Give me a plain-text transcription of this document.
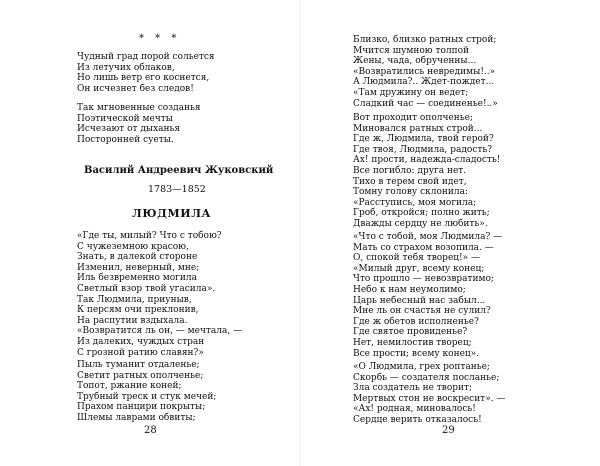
* * *
Чудный град порой сольется
Из летучих облаков,
Но лишь ветр его коснется,
Он исчезнет без следов!
Так мгновенные созданья
Поэтической мечты
Исчезают от дыханья
Посторонней суеты.
Василий Андреевич Жуковский
1783—1852
ЛЮДМИЛА
«Где ты, милый? Что с тобою?
С чужеземною красою,
Знать, в далекой стороне
Изменил, неверный, мне;
Иль безвременно могила
Светлый взор твой угасила».
Так Людмила, приуныв,
К персям очи преклонив,
На распутии вздыхала.
«Возвратится ль он, — мечтала, —
Из далеких, чуждых стран
С грозной ратию славян?»
Пыль туманит отдаленье;
Светит ратных ополченье;
Топот, ржание коней;
Трубный треск и стук мечей;
Прахом панцири покрыты;
Шлемы лаврами обвиты;
28
Близко, близко ратных строй;
Мчится шумною толпой
Жены, чада, обрученны...
«Возвратились невредимы!..»
А Людмила?.. Ждет-пождет...
«Там дружину он ведет;
Сладкий час — соединенье!..»
Вот проходит ополченье;
Миновался ратных строй...
Где ж, Людмила, твой герой?
Где твоя, Людмила, радость?
Ах! прости, надежда-сладость!
Все погибло: друга нет.
Тихо в терем свой идет,
Томну голову склонила:
«Расступись, моя могила;
Гроб, откройся; полно жить;
Дважды сердцу не любить».
«Что с тобой, моя Людмила? —
Мать со страхом возопила. —
О, спокой тебя творец!» —
«Милый друг, всему конец;
Что прошло — невозвратимо;
Небо к нам неумолимо;
Царь небесный нас забыл...
Мне ль он счастья не сулил?
Где ж обетов исполненье?
Где святое провиденье?
Нет, немилостив творец;
Все прости; всему конец».
«О Людмила, грех роптанье;
Скорбь — создателя посланье;
Зла создатель не творит;
Мертвых стон не воскресит». —
«Ах! родная, миновалось!
Сердце верить отказалось!
29
